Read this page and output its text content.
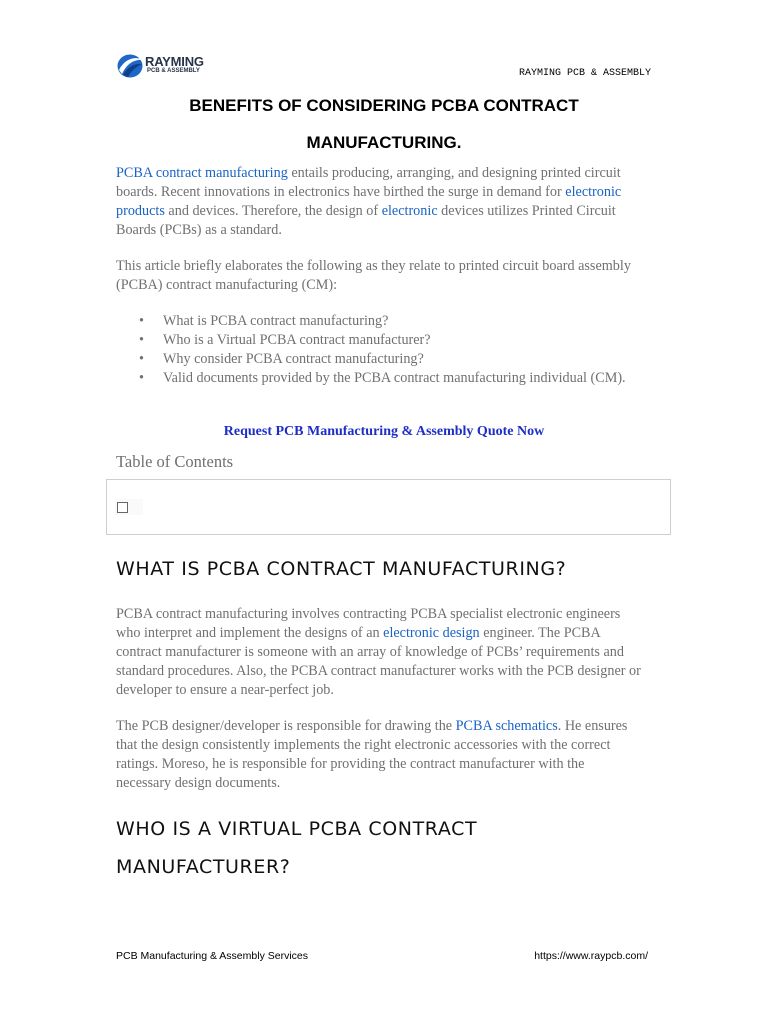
RAYMING
PCB & ASSEMBLY	RAYMING PCB & ASSEMBLY
BENEFITS OF CONSIDERING PCBA CONTRACT
MANUFACTURING.

PCBA contract manufacturing entails producing, arranging, and designing printed circuit boards. Recent innovations in electronics have birthed the surge in demand for electronic products and devices. Therefore, the design of electronic devices utilizes Printed Circuit Boards (PCBs) as a standard.

This article briefly elaborates the following as they relate to printed circuit board assembly (PCBA) contract manufacturing (CM):

• What is PCBA contract manufacturing?
• Who is a Virtual PCBA contract manufacturer?
• Why consider PCBA contract manufacturing?
• Valid documents provided by the PCBA contract manufacturing individual (CM).
Request PCB Manufacturing & Assembly Quote Now
Table of Contents
WHAT IS PCBA CONTRACT MANUFACTURING?

PCBA contract manufacturing involves contracting PCBA specialist electronic engineers who interpret and implement the designs of an electronic design engineer. The PCBA contract manufacturer is someone with an array of knowledge of PCBs’ requirements and standard procedures. Also, the PCBA contract manufacturer works with the PCB designer or developer to ensure a near-perfect job.

The PCB designer/developer is responsible for drawing the PCBA schematics. He ensures that the design consistently implements the right electronic accessories with the correct ratings. Moreso, he is responsible for providing the contract manufacturer with the necessary design documents.

WHO IS A VIRTUAL PCBA CONTRACT
MANUFACTURER?
PCB Manufacturing & Assembly Services	https://www.raypcb.com/
